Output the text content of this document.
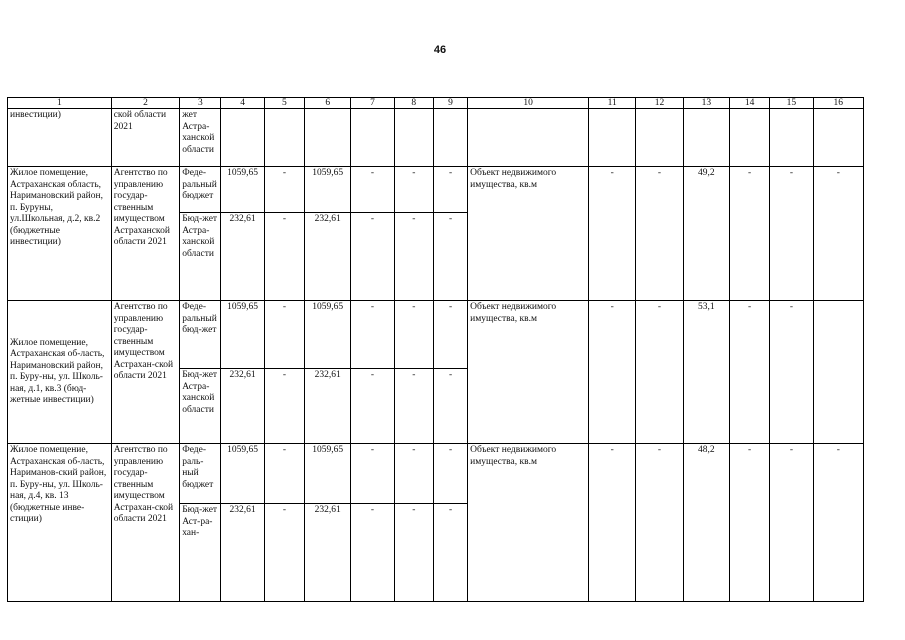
46
1	2	3	4	5	6	7	8	9	10	11	12	13	14	15	16
инвестиции)	ской области 2021	жет Астра-ханской области													
Жилое помещение, Астраханская область, Наримановский район, п. Буруны, ул.Школьная, д.2, кв.2 (бюджетные инвестиции)	Агентство по управлению государ-ственным имуществом Астраханской области 2021	Феде-ральный бюджет	1059,65	-	1059,65	-	-	-	Объект недвижимого имущества, кв.м	-	-	49,2	-	-	-
		Бюд-жет Астра-ханской области	232,61	-	232,61	-	-	-							
Жилое помещение, Астраханская об-ласть, Наримановский район, п. Буру-ны, ул. Школь-ная, д.1, кв.3 (бюд-жетные инвестиции)	Агентство по управлению государ-ственным имуществом Астрахан-ской области 2021	Феде-ральный бюд-жет	1059,65	-	1059,65	-	-	-	Объект недвижимого имущества, кв.м	-	-	53,1	-	-	
		Бюд-жет Астра-ханской области	232,61	-	232,61	-	-	-							
Жилое помещение, Астраханская об-ласть, Нариманов-ский район, п. Буру-ны, ул. Школь-ная, д.4, кв. 13 (бюджетные инве-стиции)	Агентство по управлению государ-ственным имуществом Астрахан-ской области 2021	Феде-раль-ный бюджет	1059,65	-	1059,65	-	-	-	Объект недвижимого имущества, кв.м	-	-	48,2	-	-	-
		Бюд-жет Аст-ра-хан-	232,61	-	232,61	-	-	-							
